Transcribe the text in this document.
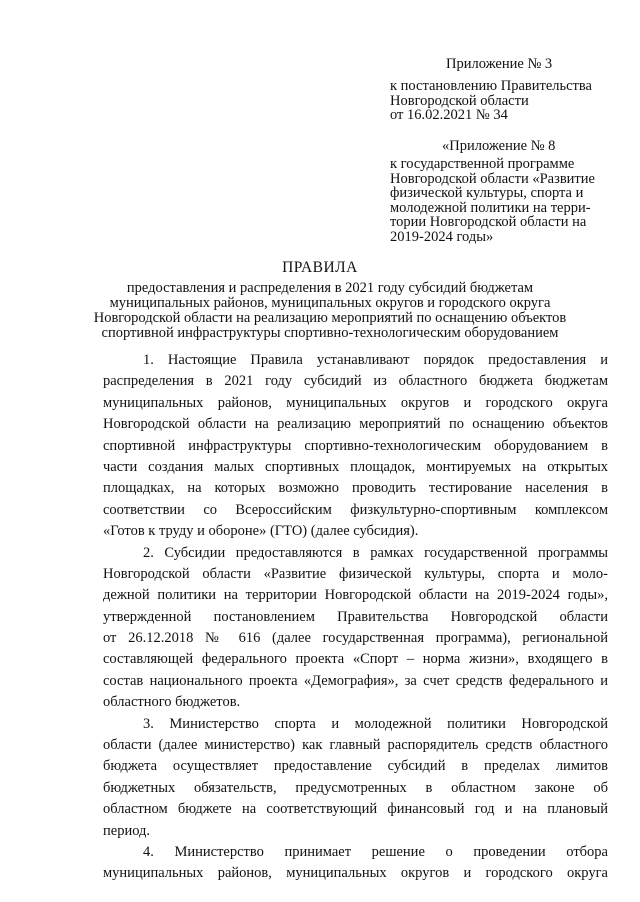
Приложение № 3
к постановлению Правительства
Новгородской области
от 16.02.2021 № 34
«Приложение № 8
к государственной программе
Новгородской области «Развитие
физической культуры, спорта и
молодежной политики на терри-
тории Новгородской области на
2019-2024 годы»
ПРАВИЛА
предоставления и распределения в 2021 году субсидий бюджетам
муниципальных районов, муниципальных округов и городского округа
Новгородской области на реализацию мероприятий по оснащению объектов
спортивной инфраструктуры спортивно-технологическим оборудованием
1. Настоящие Правила устанавливают порядок предоставления и
распределения в 2021 году субсидий из областного бюджета бюджетам
муниципальных районов, муниципальных округов и городского округа
Новгородской области на реализацию мероприятий по оснащению объектов
спортивной инфраструктуры спортивно-технологическим оборудованием в
части создания малых спортивных площадок, монтируемых на открытых
площадках, на которых возможно проводить тестирование населения в
соответствии со Всероссийским физкультурно-спортивным комплексом
«Готов к труду и обороне» (ГТО) (далее субсидия).
2. Субсидии предоставляются в рамках государственной программы
Новгородской области «Развитие физической культуры, спорта и моло-
дежной политики на территории Новгородской области на 2019-2024 годы»,
утвержденной постановлением Правительства Новгородской области
от 26.12.2018 № 616 (далее государственная программа), региональной
составляющей федерального проекта «Спорт – норма жизни», входящего в
состав национального проекта «Демография», за счет средств федерального и
областного бюджетов.
3. Министерство спорта и молодежной политики Новгородской
области (далее министерство) как главный распорядитель средств областного
бюджета осуществляет предоставление субсидий в пределах лимитов
бюджетных обязательств, предусмотренных в областном законе об
областном бюджете на соответствующий финансовый год и на плановый
период.
4. Министерство принимает решение о проведении отбора
муниципальных районов, муниципальных округов и городского округа
